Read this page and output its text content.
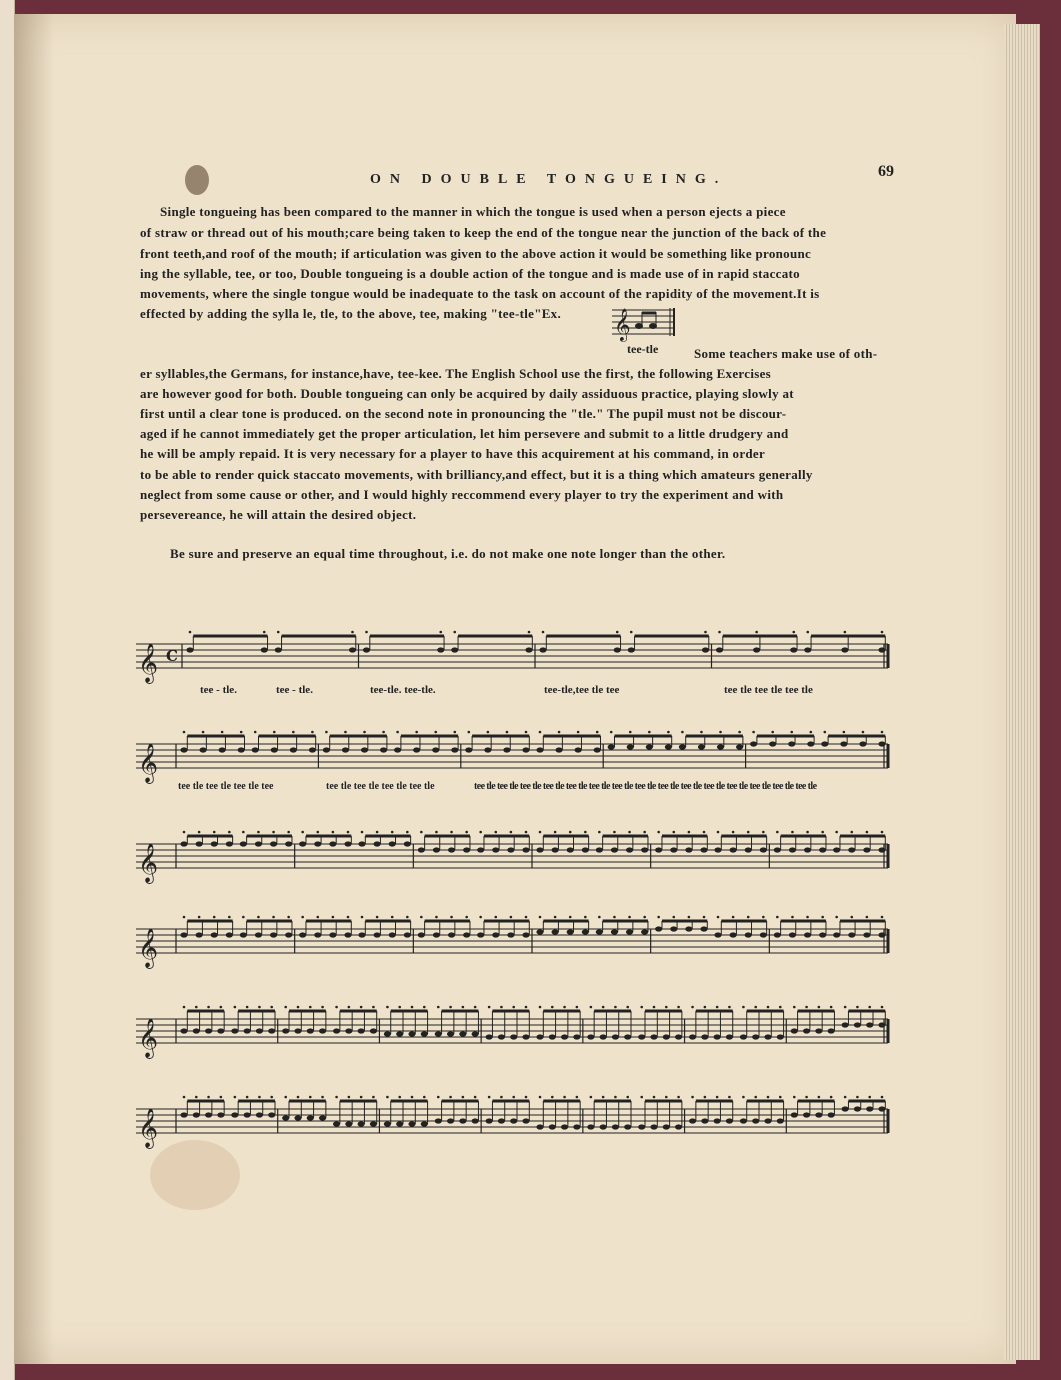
ON DOUBLE TONGUEING.	69
Single tongueing has been compared to the manner in which the tongue is used when a person ejects a piece
of straw or thread out of his mouth;care being taken to keep the end of the tongue near the junction of the back of the
front teeth,and roof of the mouth; if articulation was given to the above action it would be something like pronounc
ing the syllable, tee, or too, Double tongueing is a double action of the tongue and is made use of in rapid staccato
movements, where the single tongue would be inadequate to the task on account of the rapidity of the movement.It is
effected by adding the sylla le, tle, to the above, tee, making "tee-tle"Ex. 𝄞
tee-tle	Some teachers make use of oth-
er syllables,the Germans, for instance,have, tee-kee. The English School use the first, the following Exercises
are however good for both. Double tongueing can only be acquired by daily assiduous practice, playing slowly at
first until a clear tone is produced. on the second note in pronouncing the "tle." The pupil must not be discour-
aged if he cannot immediately get the proper articulation, let him persevere and submit to a little drudgery and
he will be amply repaid. It is very necessary for a player to have this acquirement at his command, in order
to be able to render quick staccato movements, with brilliancy,and effect, but it is a thing which amateurs generally
neglect from some cause or other, and I would highly reccommend every player to try the experiment and with
persevereance, he will attain the desired object.
Be sure and preserve an equal time throughout, i.e. do not make one note longer than the other.
𝄞 C
tee - tle.	tee - tle.	tee-tle. tee-tle.	tee-tle,tee tle tee	tee tle tee tle tee tle
𝄞
tee tle tee tle tee tle tee	tee tle tee tle tee tle tee tle	tee tle tee tle tee tle tee tle tee tle tee tle tee tle tee tle tee tle tee tle tee tle tee tle tee tle tee tle tee tle
𝄞
𝄞
𝄞
𝄞
